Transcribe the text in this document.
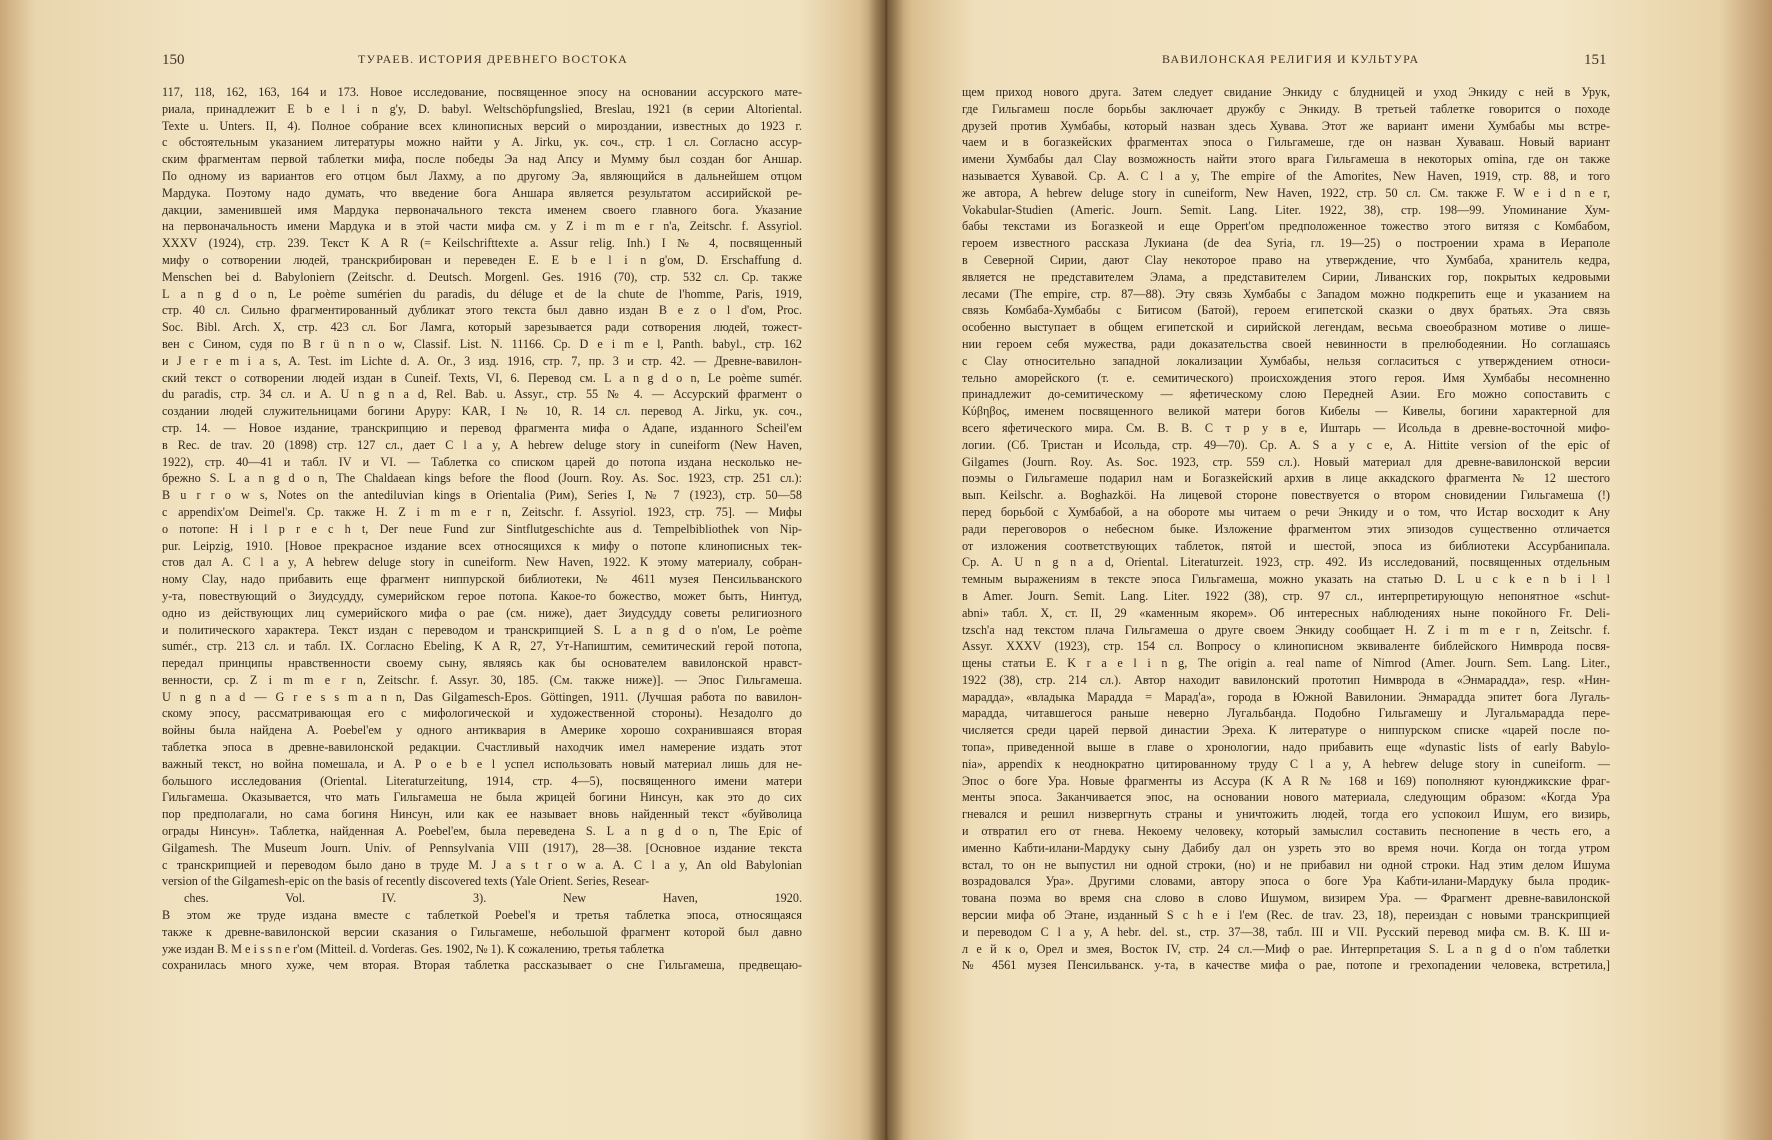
150	ТУРАЕВ. ИСТОРИЯ ДРЕВНЕГО ВОСТОКА
117, 118, 162, 163, 164 и 173. Новое исследование, посвященное эпосу на основании ассурского мате-
риала, принадлежит E b e l i n g'y, D. babyl. Weltschöpfungslied, Breslau, 1921 (в серии Altoriental.
Texte u. Unters. II, 4). Полное собрание всех клинописных версий о мироздании, известных до 1923 г.
с обстоятельным указанием литературы можно найти у A. Jirku, ук. соч., стр. 1 сл. Согласно ассур-
ским фрагментам первой таблетки мифа, после победы Эа над Апсу и Мумму был создан бог Аншар.
По одному из вариантов его отцом был Лахму, а по другому Эа, являющийся в дальнейшем отцом
Мардука. Поэтому надо думать, что введение бога Аншара является результатом ассирийской ре-
дакции, заменившей имя Мардука первоначального текста именем своего главного бога. Указание
на первоначальность имени Мардука и в этой части мифа см. у Z i m m e r n'a, Zeitschr. f. Assyriol.
XXXV (1924), стр. 239. Текст K A R (= Keilschrifttexte a. Assur relig. Inh.) I № 4, посвященный
мифу о сотворении людей, транскрибирован и переведен E. E b e l i n g'ом, D. Erschaffung d.
Menschen bei d. Babyloniern (Zeitschr. d. Deutsch. Morgenl. Ges. 1916 (70), стр. 532 сл. Ср. также
L a n g d o n, Le poème sumérien du paradis, du déluge et de la chute de l'homme, Paris, 1919,
стр. 40 сл. Сильно фрагментированный дубликат этого текста был давно издан B e z o l d'ом, Proc.
Soc. Bibl. Arch. X, стр. 423 сл. Бог Ламга, который зарезывается ради сотворения людей, тожест-
вен с Сином, судя по B r ü n n o w, Classif. List. N. 11166. Ср. D e i m e l, Panth. babyl., стр. 162
и J e r e m i a s, A. Test. im Lichte d. A. Or., 3 изд. 1916, стр. 7, пр. 3 и стр. 42. — Древне-вавилон-
ский текст о сотворении людей издан в Cuneif. Texts, VI, 6. Перевод см. L a n g d o n, Le poème sumér.
du paradis, стр. 34 сл. и A. U n g n a d, Rel. Bab. u. Assyr., стр. 55 № 4. — Ассурский фрагмент о
создании людей служительницами богини Аруру: KAR, I № 10, R. 14 сл. перевод A. Jirku, ук. соч.,
стр. 14. — Новое издание, транскрипцию и перевод фрагмента мифа о Адапе, изданного Scheil'ем
в Rec. de trav. 20 (1898) стр. 127 сл., дает C l a y, A hebrew deluge story in cuneiform (New Haven,
1922), стр. 40—41 и табл. IV и VI. — Таблетка со списком царей до потопа издана несколько не-
брежно S. L a n g d o n, The Chaldaean kings before the flood (Journ. Roy. As. Soc. 1923, стр. 251 сл.):
B u r r o w s, Notes on the antediluvian kings в Orientalia (Рим), Series I, № 7 (1923), стр. 50—58
с appendix'ом Deimel'я. Ср. также H. Z i m m e r n, Zeitschr. f. Assyriol. 1923, стр. 75]. — Мифы
о потопе: H i l p r e c h t, Der neue Fund zur Sintflutgeschichte aus d. Tempelbibliothek von Nip-
pur. Leipzig, 1910. [Новое прекрасное издание всех относящихся к мифу о потопе клинописных тек-
стов дал A. C l a y, A hebrew deluge story in cuneiform. New Haven, 1922. К этому материалу, собран-
ному Clay, надо прибавить еще фрагмент ниппурской библиотеки, № 4611 музея Пенсильванского
у-та, повествующий о Зиудсудду, сумерийском герое потопа. Какое-то божество, может быть, Нинтуд,
одно из действующих лиц сумерийского мифа о рае (см. ниже), дает Зиудсудду советы религиозного
и политического характера. Текст издан с переводом и транскрипцией S. L a n g d o n'ом, Le poème
sumér., стр. 213 сл. и табл. IX. Согласно Ebeling, K A R, 27, Ут-Напиштим, семитический герой потопа,
передал принципы нравственности своему сыну, являясь как бы основателем вавилонской нравст-
венности, ср. Z i m m e r n, Zeitschr. f. Assyr. 30, 185. (См. также ниже)]. — Эпос Гильгамеша.
U n g n a d — G r e s s m a n n, Das Gilgamesch-Epos. Göttingen, 1911. (Лучшая работа по вавилон-
скому эпосу, рассматривающая его с мифологической и художественной стороны). Незадолго до
войны была найдена A. Poebel'ем у одного антиквария в Америке хорошо сохранившаяся вторая
таблетка эпоса в древне-вавилонской редакции. Счастливый находчик имел намерение издать этот
важный текст, но война помешала, и A. P o e b e l успел использовать новый материал лишь для не-
большого исследования (Oriental. Literaturzeitung, 1914, стр. 4—5), посвященного имени матери
Гильгамеша. Оказывается, что мать Гильгамеша не была жрицей богини Нинсун, как это до сих
пор предполагали, но сама богиня Нинсун, или как ее называет вновь найденный текст «буйволица
ограды Нинсун». Таблетка, найденная A. Poebel'ем, была переведена S. L a n g d o n, The Epic of
Gilgamesh. The Museum Journ. Univ. of Pennsylvania VIII (1917), 28—38. [Основное издание текста
с транскрипцией и переводом было дано в труде M. J a s t r o w a. A. C l a y, An old Babylonian
version of the Gilgamesh-epic on the basis of recently discovered texts (Yale Orient. Series, Resear-
ches. Vol. IV. 3). New Haven, 1920.
В этом же труде издана вместе с таблеткой Poebel'я и третья таблетка эпоса, относящаяся
также к древне-вавилонской версии сказания о Гильгамеше, небольшой фрагмент которой был давно
уже издан B. M e i s s n e r'ом (Mitteil. d. Vorderas. Ges. 1902, № 1). К сожалению, третья таблетка
сохранилась много хуже, чем вторая. Вторая таблетка рассказывает о сне Гильгамеша, предвещаю-
ВАВИЛОНСКАЯ РЕЛИГИЯ И КУЛЬТУРА	151
щем приход нового друга. Затем следует свидание Энкиду с блудницей и уход Энкиду с ней в Урук,
где Гильгамеш после борьбы заключает дружбу с Энкиду. В третьей таблетке говорится о походе
друзей против Хумбабы, который назван здесь Хувава. Этот же вариант имени Хумбабы мы встре-
чаем и в богазкейских фрагментах эпоса о Гильгамеше, где он назван Хуваваш. Новый вариант
имени Хумбабы дал Clay возможность найти этого врага Гильгамеша в некоторых omina, где он также
называется Хувавой. Ср. A. C l a y, The empire of the Amorites, New Haven, 1919, стр. 88, и того
же автора, A hebrew deluge story in cuneiform, New Haven, 1922, стр. 50 сл. См. также F. W e i d n e r,
Vokabular-Studien (Americ. Journ. Semit. Lang. Liter. 1922, 38), стр. 198—99. Упоминание Хум-
бабы текстами из Богазкеой и еще Oppert'ом предположенное тожество этого витязя с Комбабом,
героем известного рассказа Лукиана (de dea Syria, гл. 19—25) о построении храма в Иераполе
в Северной Сирии, дают Clay некоторое право на утверждение, что Хумбаба, хранитель кедра,
является не представителем Элама, а представителем Сирии, Ливанских гор, покрытых кедровыми
лесами (The empire, стр. 87—88). Эту связь Хумбабы с Западом можно подкрепить еще и указанием на
связь Комбаба-Хумбабы с Битисом (Батой), героем египетской сказки о двух братьях. Эта связь
особенно выступает в общем египетской и сирийской легендам, весьма своеобразном мотиве о лише-
нии героем себя мужества, ради доказательства своей невинности в прелюбодеянии. Но соглашаясь
с Clay относительно западной локализации Хумбабы, нельзя согласиться с утверждением относи-
тельно аморейского (т. е. семитического) происхождения этого героя. Имя Хумбабы несомненно
принадлежит до-семитическому — яфетическому слою Передней Азии. Его можно сопоставить с
Κύβηβος, именем посвященного великой матери богов Кибелы — Кивелы, богини характерной для
всего яфетического мира. См. В. В. С т р у в е, Иштарь — Исольда в древне-восточной мифо-
логии. (Сб. Тристан и Исольда, стр. 49—70). Ср. A. S a y c e, A. Hittite version of the epic of
Gilgames (Journ. Roy. As. Soc. 1923, стр. 559 сл.). Новый материал для древне-вавилонской версии
поэмы о Гильгамеше подарил нам и Богазкейский архив в лице аккадского фрагмента № 12 шестого
вып. Keilschr. a. Boghazköi. На лицевой стороне повествуется о втором сновидении Гильгамеша (!)
перед борьбой с Хумбабой, а на обороте мы читаем о речи Энкиду и о том, что Истар восходит к Ану
ради переговоров о небесном быке. Изложение фрагментом этих эпизодов существенно отличается
от изложения соответствующих таблеток, пятой и шестой, эпоса из библиотеки Ассурбанипала.
Ср. A. U n g n a d, Oriental. Literaturzeit. 1923, стр. 492. Из исследований, посвященных отдельным
темным выражениям в тексте эпоса Гильгамеша, можно указать на статью D. L u c k e n b i l l
в Amer. Journ. Semit. Lang. Liter. 1922 (38), стр. 97 сл., интерпретирующую непонятное «schut-
abni» табл. X, ст. II, 29 «каменным якорем». Об интересных наблюдениях ныне покойного Fr. Deli-
tzsch'а над текстом плача Гильгамеша о друге своем Энкиду сообщает H. Z i m m e r n, Zeitschr. f.
Assyr. XXXV (1923), стр. 154 сл. Вопросу о клинописном эквиваленте библейского Нимврода посвя-
щены статьи E. K r a e l i n g, The origin a. real name of Nimrod (Amer. Journ. Sem. Lang. Liter.,
1922 (38), стр. 214 сл.). Автор находит вавилонский прототип Нимврода в «Энмарадда», resp. «Нин-
марадда», «владыка Марадда = Марад'а», города в Южной Вавилонии. Энмарадда эпитет бога Лугаль-
марадда, читавшегося раньше неверно Лугальбанда. Подобно Гильгамешу и Лугальмарадда пере-
числяется среди царей первой династии Эреха. К литературе о ниппурском списке «царей после по-
топа», приведенной выше в главе о хронологии, надо прибавить еще «dynastic lists of early Babylo-
nia», appendix к неоднократно цитированному труду C l a y, A hebrew deluge story in cuneiform. —
Эпос о боге Ура. Новые фрагменты из Ассура (K A R № 168 и 169) пополняют куюнджикские фраг-
менты эпоса. Заканчивается эпос, на основании нового материала, следующим образом: «Когда Ура
гневался и решил низвергнуть страны и уничтожить людей, тогда его успокоил Ишум, его визирь,
и отвратил его от гнева. Некоему человеку, который замыслил составить песнопение в честь его, а
именно Кабти-илани-Мардуку сыну Дабибу дал он узреть это во время ночи. Когда он тогда утром
встал, то он не выпустил ни одной строки, (но) и не прибавил ни одной строки. Над этим делом Ишума
возрадовался Ура». Другими словами, автору эпоса о боге Ура Кабти-илани-Мардуку была продик-
тована поэма во время сна слово в слово Ишумом, визирем Ура. — Фрагмент древне-вавилонской
версии мифа об Этане, изданный S c h e i l'ем (Rec. de trav. 23, 18), переиздан с новыми транскрипцией
и переводом C l a y, A hebr. del. st., стр. 37—38, табл. III и VII. Русский перевод мифа см. В. К. Ш и-
л е й к о, Орел и змея, Восток IV, стр. 24 сл.—Миф о рае. Интерпретация S. L a n g d o n'ом таблетки
№ 4561 музея Пенсильванск. у-та, в качестве мифа о рае, потопе и грехопадении человека, встретила,]
